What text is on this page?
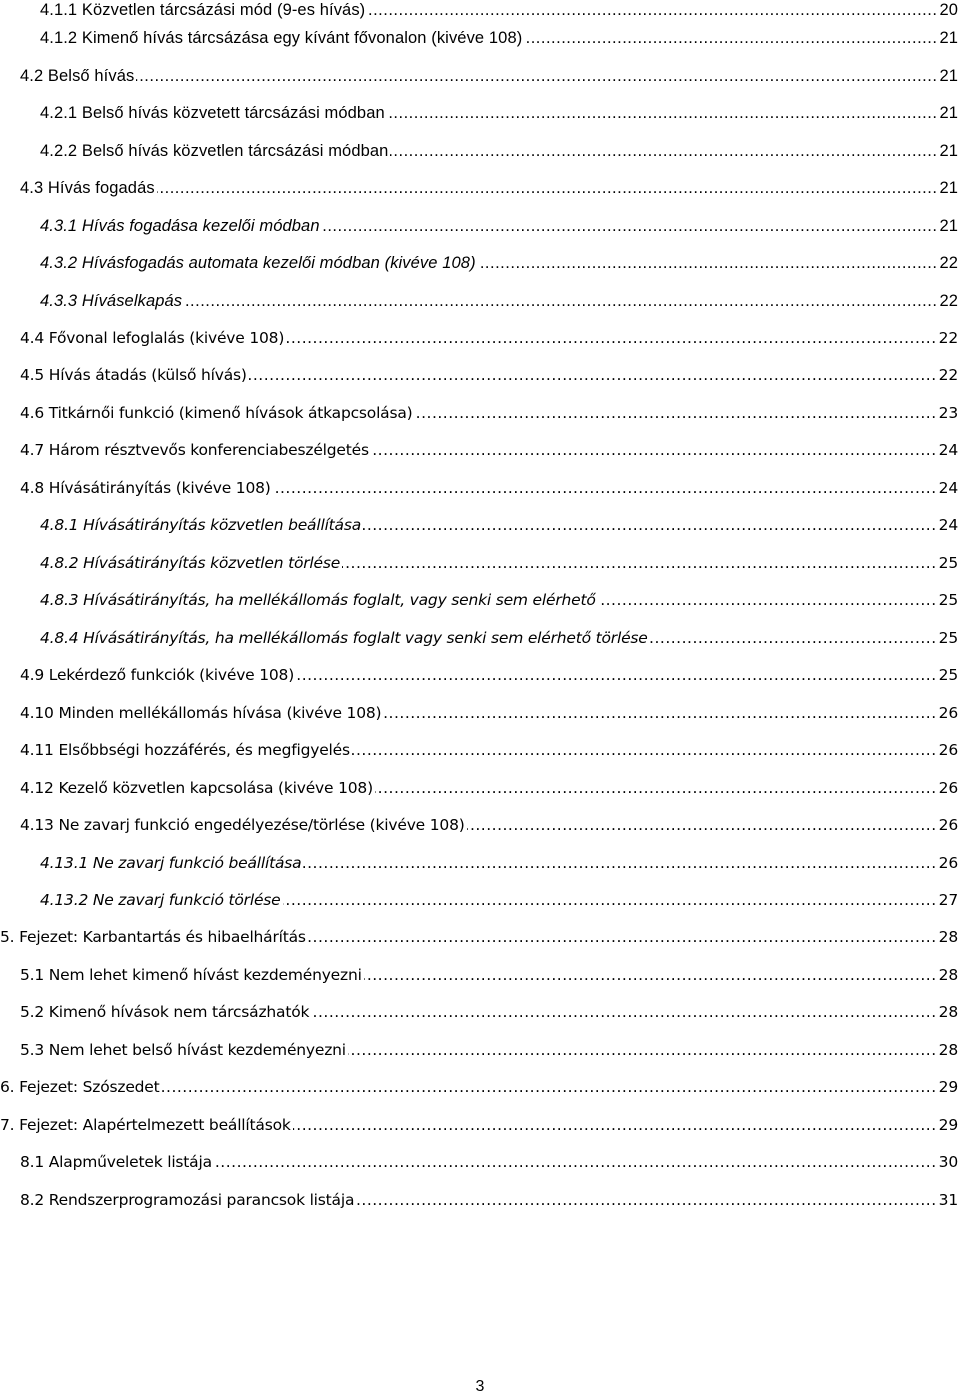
4.1.1 Közvetlen tárcsázási mód (9-es hívás) .....	20
4.1.2 Kimenő hívás tárcsázása egy kívánt fővonalon (kivéve 108) .....	21
4.2 Belső hívás .....	21
4.2.1 Belső hívás közvetett tárcsázási módban .....	21
4.2.2 Belső hívás közvetlen tárcsázási módban .....	21
4.3 Hívás fogadás .....	21
4.3.1 Hívás fogadása kezelői módban .....	21
4.3.2 Hívásfogadás automata kezelői módban (kivéve 108) .....	22
4.3.3 Híváselkapás .....	22
4.4 Fővonal lefoglalás (kivéve 108) .....	22
4.5 Hívás átadás (külső hívás) .....	22
4.6 Titkárnői funkció (kimenő hívások átkapcsolása) .....	23
4.7 Három résztvevős konferenciabeszélgetés .....	24
4.8 Hívásátirányítás (kivéve 108) .....	24
4.8.1 Hívásátirányítás közvetlen beállítása .....	24
4.8.2 Hívásátirányítás közvetlen törlése .....	25
4.8.3 Hívásátirányítás, ha mellékállomás foglalt, vagy senki sem elérhető .....	25
4.8.4 Hívásátirányítás, ha mellékállomás foglalt vagy senki sem elérhető törlése .....	25
4.9 Lekérdező funkciók (kivéve 108) .....	25
4.10 Minden mellékállomás hívása (kivéve 108) .....	26
4.11 Elsőbbségi hozzáférés, és megfigyelés .....	26
4.12 Kezelő közvetlen kapcsolása (kivéve 108) .....	26
4.13 Ne zavarj funkció engedélyezése/törlése (kivéve 108) .....	26
4.13.1 Ne zavarj funkció beállítása .....	26
4.13.2 Ne zavarj funkció törlése .....	27
5. Fejezet: Karbantartás és hibaelhárítás .....	28
5.1 Nem lehet kimenő hívást kezdeményezni .....	28
5.2 Kimenő hívások nem tárcsázhatók .....	28
5.3 Nem lehet belső hívást kezdeményezni .....	28
6. Fejezet: Szószedet .....	29
7. Fejezet: Alapértelmezett beállítások .....	29
8.1 Alapműveletek listája .....	30
8.2 Rendszerprogramozási parancsok listája .....	31
3
